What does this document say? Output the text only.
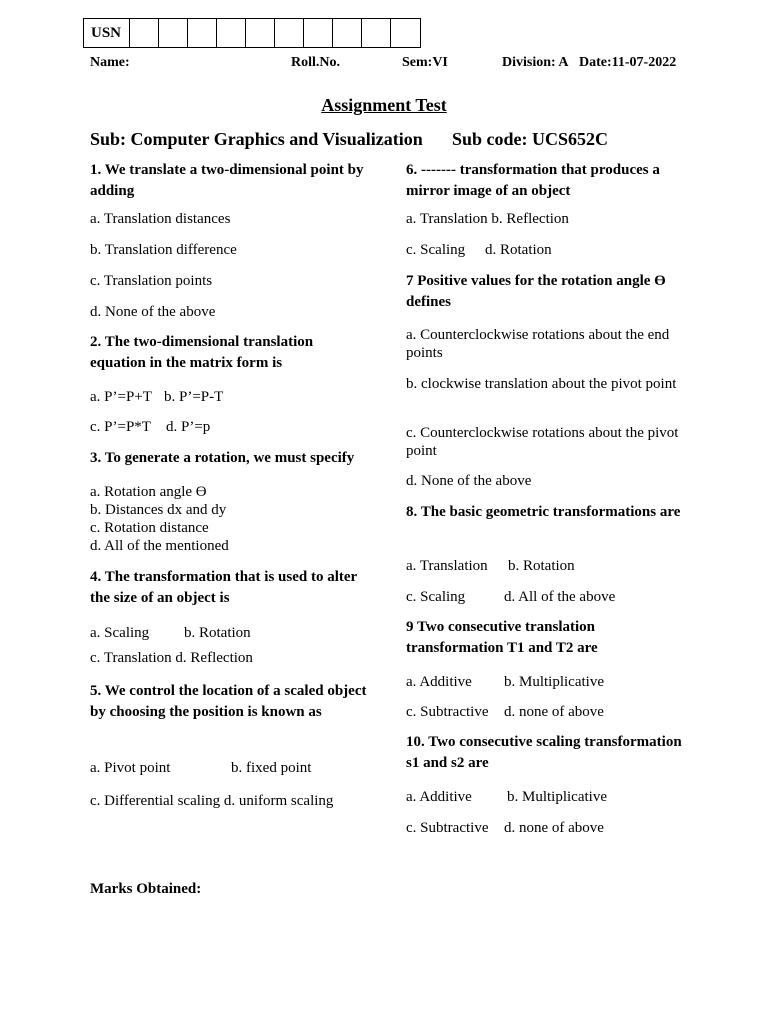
USN
Name:	Roll.No.	Sem:VI	Division: A Date:11-07-2022
Assignment Test
Sub: Computer Graphics and Visualization Sub code: UCS652C
1. We translate a two-dimensional point by adding
a. Translation distances
b. Translation difference
c. Translation points
d. None of the above
2. The two-dimensional translation equation in the matrix form is
a. P’=P+T b. P’=P-T
c. P’=P*T d. P’=p
3. To generate a rotation, we must specify
a. Rotation angle ϴ
b. Distances dx and dy
c. Rotation distance
d. All of the mentioned
4. The transformation that is used to alter the size of an object is
a. Scaling b. Rotation
c. Translation d. Reflection
5. We control the location of a scaled object by choosing the position is known as
a. Pivot point	b. fixed point
c. Differential scaling d. uniform scaling
6. ------- transformation that produces a mirror image of an object
a. Translation b. Reflection
c. Scaling d. Rotation
7 Positive values for the rotation angle ϴ defines
a. Counterclockwise rotations about the end points
b. clockwise translation about the pivot point
c. Counterclockwise rotations about the pivot point
d. None of the above
8. The basic geometric transformations are
a. Translation b. Rotation
c. Scaling	d. All of the above
9 Two consecutive translation transformation T1 and T2 are
a. Additive b. Multiplicative
c. Subtractive d. none of above
10. Two consecutive scaling transformation s1 and s2 are
a. Additive b. Multiplicative
c. Subtractive d. none of above
Marks Obtained:
